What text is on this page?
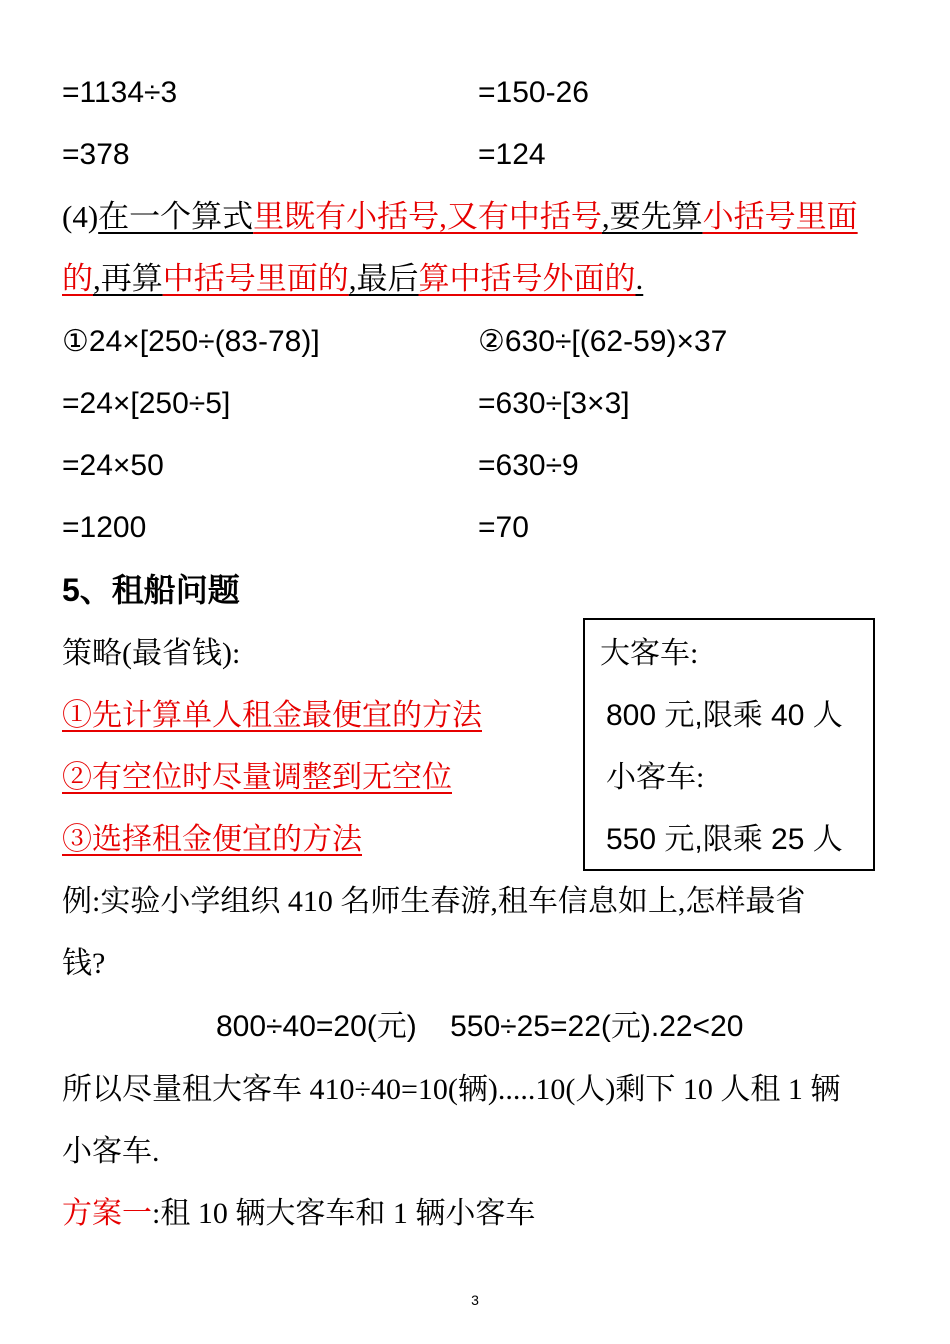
=1134÷3	=150-26
=378	=124
(4)在一个算式里既有小括号,又有中括号,要先算小括号里面
的,再算中括号里面的,最后算中括号外面的.
①24×[250÷(83-78)]	②630÷[(62-59)×37
=24×[250÷5]	=630÷[3×3]
=24×50	=630÷9
=1200	=70
5、租船问题
策略(最省钱):
①先计算单人租金最便宜的方法
②有空位时尽量调整到无空位
③选择租金便宜的方法
大客车:
800 元,限乘 40 人
小客车:
550 元,限乘 25 人
例:实验小学组织 410 名师生春游,租车信息如上,怎样最省
钱?
800÷40=20(元)    550÷25=22(元).22<20
所以尽量租大客车 410÷40=10(辆).....10(人)剩下 10 人租 1 辆
小客车.
方案一:租 10 辆大客车和 1 辆小客车
3
